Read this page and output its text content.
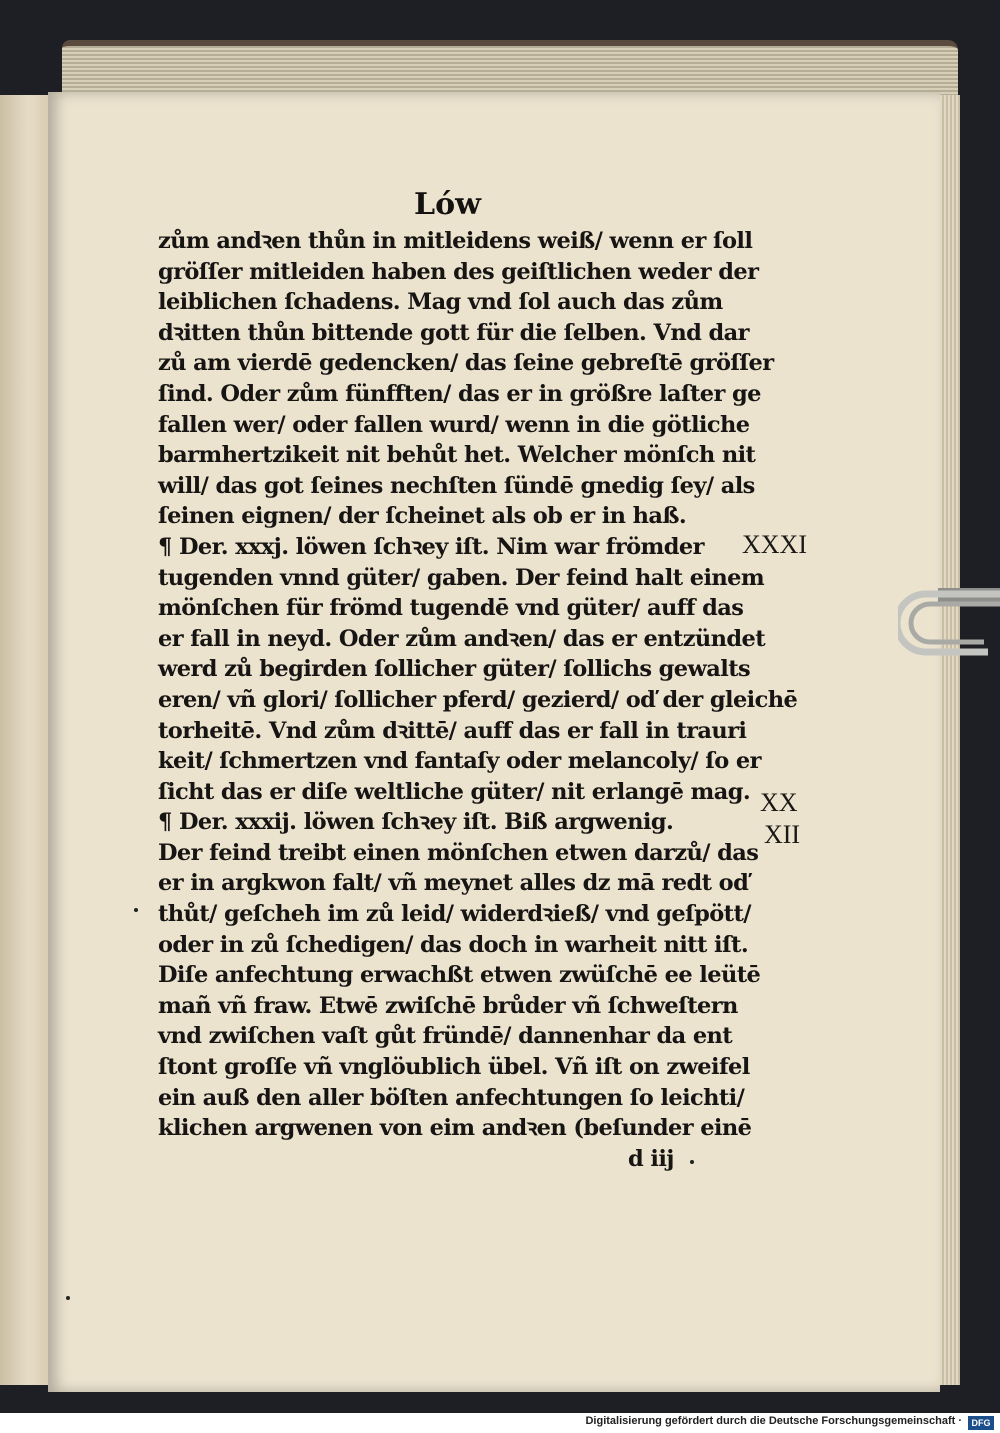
Lów
zům andꝛen thůn in mitleidens weiß/ wenn er ſoll
gröſſer mitleiden haben des geiſtlichen weder der
leiblichen ſchadens. Mag vnd ſol auch das zům
dꝛitten thůn bittende gott für die ſelben. Vnd dar
zů am vierdē gedencken/ das ſeine gebreſtē gröſſer
ſind. Oder zům fünfften/ das er in größre laſter ge
fallen wer/ oder fallen wurd/ wenn in die götliche
barmhertzikeit nit behůt het. Welcher mönſch nit
will/ das got ſeines nechſten ſündē gnedig ſey/ als
ſeinen eignen/ der ſcheinet als ob er in haß.
¶ Der. xxxj. löwen ſchꝛey iſt. Nim war frömder
tugenden vnnd güter/ gaben. Der feind halt einem
mönſchen für frömd tugendē vnd güter/ auff das
er fall in neyd. Oder zům andꝛen/ das er entzündet
werd zů begirden ſollicher güter/ ſollichs gewalts
eren/ vñ glori/ ſollicher pferd/ gezierd/ oď der gleichē
torheitē. Vnd zům dꝛittē/ auff das er fall in trauri
keit/ ſchmertzen vnd fantaſy oder melancoly/ ſo er
ſicht das er diſe weltliche güter/ nit erlangē mag.
¶ Der. xxxij. löwen ſchꝛey iſt. Biß argwenig.
Der feind treibt einen mönſchen etwen darzů/ das
er in argkwon falt/ vñ meynet alles dz mā redt oď
thůt/ geſcheh im zů leid/ widerdꝛieß/ vnd geſpött/
oder in zů ſchedigen/ das doch in warheit nitt iſt.
Diſe anfechtung erwachßt etwen zwüſchē ee leütē
mañ vñ fraw. Etwē zwiſchē brůder vñ ſchweſtern
vnd zwiſchen vaſt gůt fründē/ dannenhar da ent
ſtont groſſe vñ vnglöublich übel. Vñ iſt on zweifel
ein auß den aller böſten anfechtungen ſo leichti/
klichen argwenen von eim andꝛen (beſunder einē
d iij
XXXI
XX
XII
Digitalisierung gefördert durch die Deutsche Forschungsgemeinschaft ·	DFG
